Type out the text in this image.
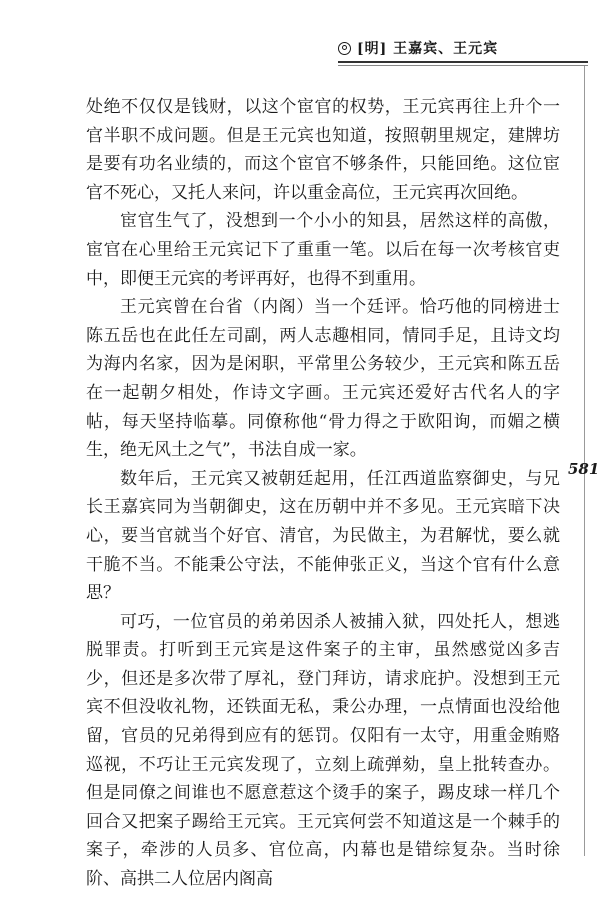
[明] 王嘉宾、王元宾

处绝不仅仅是钱财，以这个宦官的权势，王元宾再往上升个一官半职不成问题。但是王元宾也知道，按照朝里规定，建牌坊是要有功名业绩的，而这个宦官不够条件，只能回绝。这位宦官不死心，又托人来问，许以重金高位，王元宾再次回绝。

宦官生气了，没想到一个小小的知县，居然这样的高傲，宦官在心里给王元宾记下了重重一笔。以后在每一次考核官吏中，即便王元宾的考评再好，也得不到重用。

王元宾曾在台省（内阁）当一个廷评。恰巧他的同榜进士陈五岳也在此任左司副，两人志趣相同，情同手足，且诗文均为海内名家，因为是闲职，平常里公务较少，王元宾和陈五岳在一起朝夕相处，作诗文字画。王元宾还爱好古代名人的字帖，每天坚持临摹。同僚称他“骨力得之于欧阳询，而媚之横生，绝无风土之气”，书法自成一家。

数年后，王元宾又被朝廷起用，任江西道监察御史，与兄长王嘉宾同为当朝御史，这在历朝中并不多见。王元宾暗下决心，要当官就当个好官、清官，为民做主，为君解忧，要么就干脆不当。不能秉公守法，不能伸张正义，当这个官有什么意思？

可巧，一位官员的弟弟因杀人被捕入狱，四处托人，想逃脱罪责。打听到王元宾是这件案子的主审，虽然感觉凶多吉少，但还是多次带了厚礼，登门拜访，请求庇护。没想到王元宾不但没收礼物，还铁面无私，秉公办理，一点情面也没给他留，官员的兄弟得到应有的惩罚。仅阳有一太守，用重金贿赂巡视，不巧让王元宾发现了，立刻上疏弹劾，皇上批转查办。但是同僚之间谁也不愿意惹这个烫手的案子，踢皮球一样几个回合又把案子踢给王元宾。王元宾何尝不知道这是一个棘手的案子，牵涉的人员多、官位高，内幕也是错综复杂。当时徐阶、高拱二人位居内阁高

581
